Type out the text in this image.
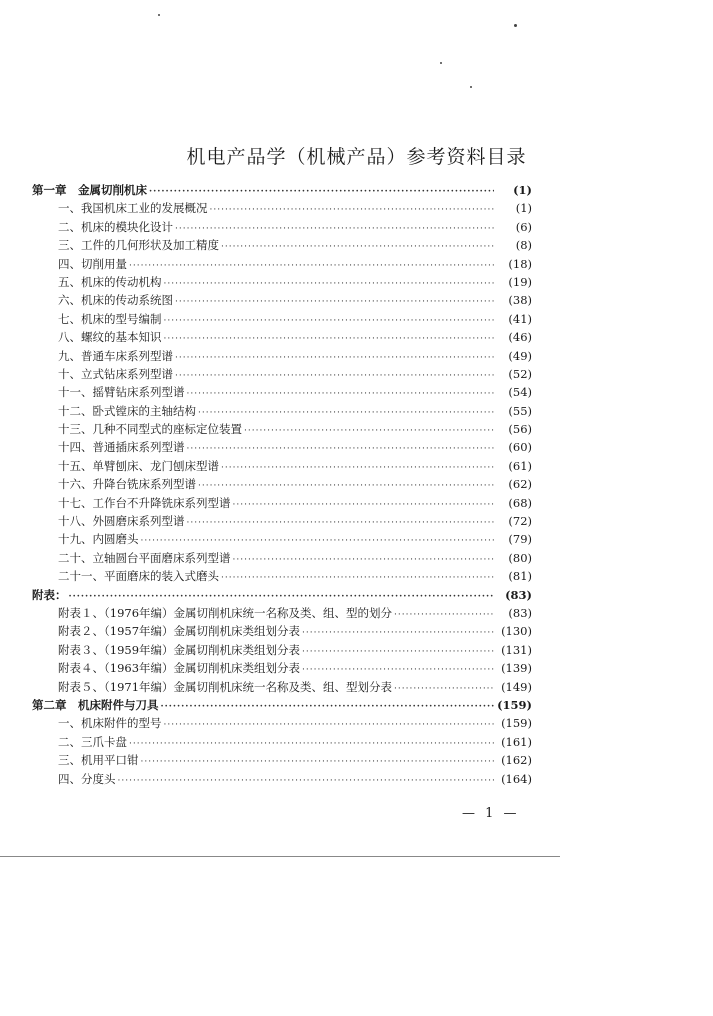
机电产品学（机械产品）参考资料目录
第一章　金属切削机床 ·····	(1)
一、我国机床工业的发展概况 ·····	(1)
二、机床的模块化设计 ·····	(6)
三、工件的几何形状及加工精度 ·····	(8)
四、切削用量 ·····	(18)
五、机床的传动机构 ·····	(19)
六、机床的传动系统图 ·····	(38)
七、机床的型号编制 ·····	(41)
八、螺纹的基本知识 ·····	(46)
九、普通车床系列型谱 ·····	(49)
十、立式钻床系列型谱 ·····	(52)
十一、摇臂钻床系列型谱 ·····	(54)
十二、卧式镗床的主轴结构 ·····	(55)
十三、几种不同型式的座标定位装置 ·····	(56)
十四、普通插床系列型谱 ·····	(60)
十五、单臂刨床、龙门刨床型谱 ·····	(61)
十六、升降台铣床系列型谱 ·····	(62)
十七、工作台不升降铣床系列型谱 ·····	(68)
十八、外圆磨床系列型谱 ·····	(72)
十九、内圆磨头 ·····	(79)
二十、立轴圆台平面磨床系列型谱 ·····	(80)
二十一、平面磨床的装入式磨头 ·····	(81)
附表： ·····	(83)
附表１、（1976年编）金属切削机床统一名称及类、组、型的划分 ·····	(83)
附表２、（1957年编）金属切削机床类组划分表 ·····	(130)
附表３、（1959年编）金属切削机床类组划分表 ·····	(131)
附表４、（1963年编）金属切削机床类组划分表 ·····	(139)
附表５、（1971年编）金属切削机床统一名称及类、组、型划分表 ·····	(149)
第二章　机床附件与刀具 ·····	(159)
一、机床附件的型号 ·····	(159)
二、三爪卡盘 ·····	(161)
三、机用平口钳 ·····	(162)
四、分度头 ·····	(164)
— 1 —
